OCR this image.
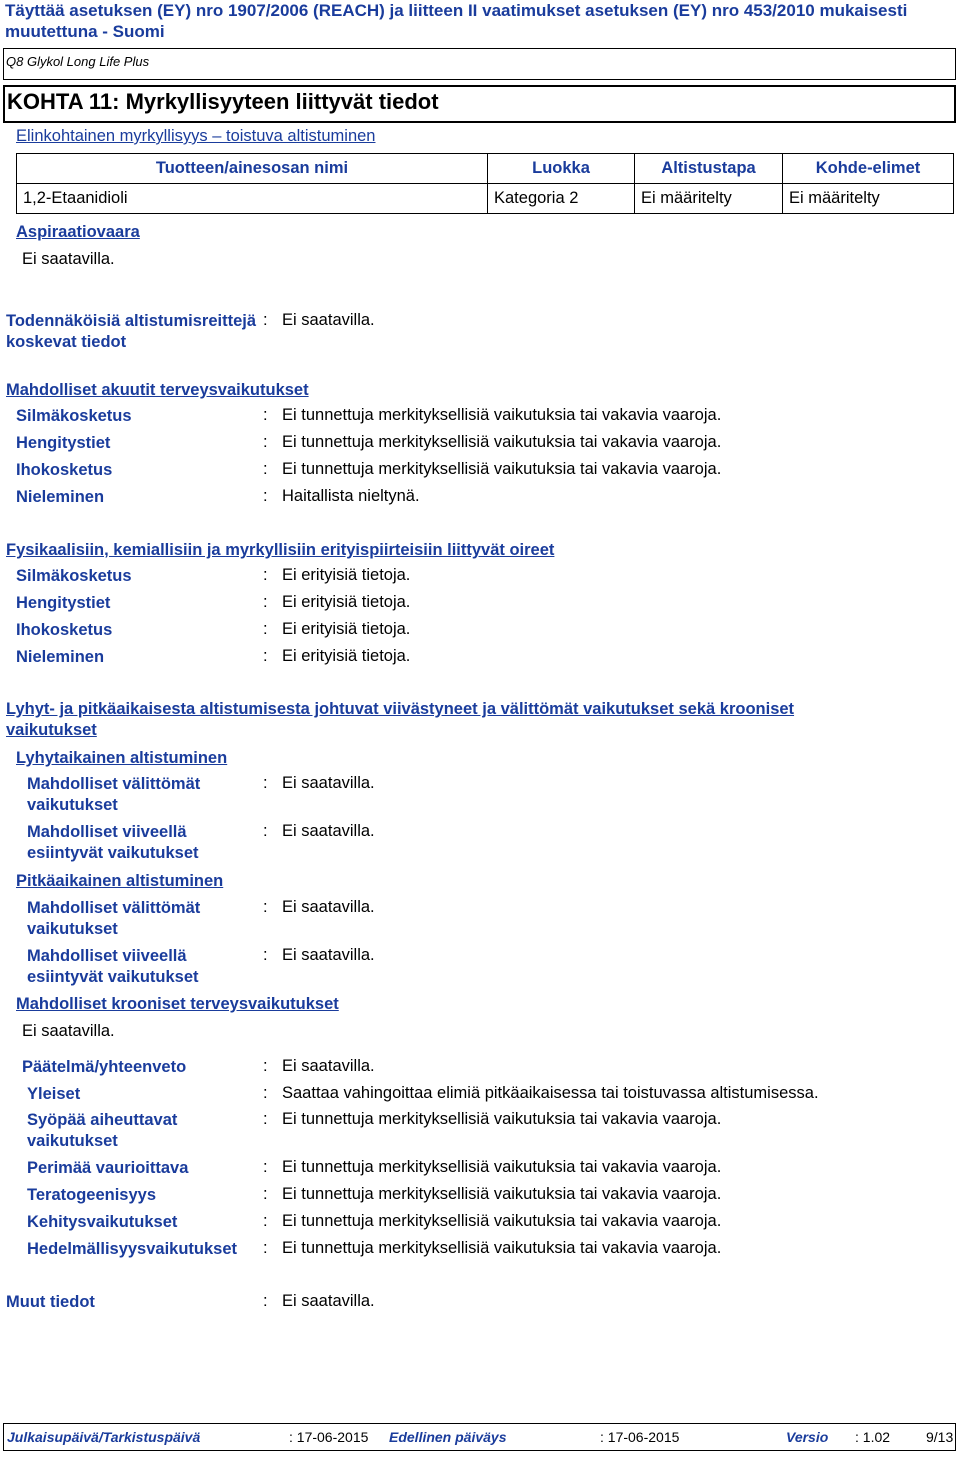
Täyttää asetuksen (EY) nro 1907/2006 (REACH) ja liitteen II vaatimukset asetuksen (EY) nro 453/2010 mukaisesti muutettuna - Suomi
Q8 Glykol Long Life Plus
KOHTA 11: Myrkyllisyyteen liittyvät tiedot
Elinkohtainen myrkyllisyys – toistuva altistuminen
Tuotteen/ainesosan nimi	Luokka	Altistustapa	Kohde-elimet
1,2-Etaanidioli	Kategoria 2	Ei määritelty	Ei määritelty
Aspiraatiovaara
Ei saatavilla.
Todennäköisiä altistumisreittejä koskevat tiedot
: Ei saatavilla.
Mahdolliset akuutit terveysvaikutukset
Silmäkosketus	: Ei tunnettuja merkityksellisiä vaikutuksia tai vakavia vaaroja.
Hengitystiet	: Ei tunnettuja merkityksellisiä vaikutuksia tai vakavia vaaroja.
Ihokosketus	: Ei tunnettuja merkityksellisiä vaikutuksia tai vakavia vaaroja.
Nieleminen	: Haitallista nieltynä.
Fysikaalisiin, kemiallisiin ja myrkyllisiin erityispiirteisiin liittyvät oireet
Silmäkosketus	: Ei erityisiä tietoja.
Hengitystiet	: Ei erityisiä tietoja.
Ihokosketus	: Ei erityisiä tietoja.
Nieleminen	: Ei erityisiä tietoja.
Lyhyt- ja pitkäaikaisesta altistumisesta johtuvat viivästyneet ja välittömät vaikutukset sekä krooniset vaikutukset
Lyhytaikainen altistuminen
Mahdolliset välittömät vaikutukset
: Ei saatavilla.
Mahdolliset viiveellä esiintyvät vaikutukset
: Ei saatavilla.
Pitkäaikainen altistuminen
Mahdolliset välittömät vaikutukset
: Ei saatavilla.
Mahdolliset viiveellä esiintyvät vaikutukset
: Ei saatavilla.
Mahdolliset krooniset terveysvaikutukset
Ei saatavilla.
Päätelmä/yhteenveto	: Ei saatavilla.
Yleiset	: Saattaa vahingoittaa elimiä pitkäaikaisessa tai toistuvassa altistumisessa.
Syöpää aiheuttavat vaikutukset
: Ei tunnettuja merkityksellisiä vaikutuksia tai vakavia vaaroja.
Perimää vaurioittava	: Ei tunnettuja merkityksellisiä vaikutuksia tai vakavia vaaroja.
Teratogeenisyys	: Ei tunnettuja merkityksellisiä vaikutuksia tai vakavia vaaroja.
Kehitysvaikutukset	: Ei tunnettuja merkityksellisiä vaikutuksia tai vakavia vaaroja.
Hedelmällisyysvaikutukset : Ei tunnettuja merkityksellisiä vaikutuksia tai vakavia vaaroja.
Muut tiedot	: Ei saatavilla.
Julkaisupäivä/Tarkistuspäivä	: 17-06-2015 Edellinen päiväys	: 17-06-2015	Versio : 1.02	9/13
